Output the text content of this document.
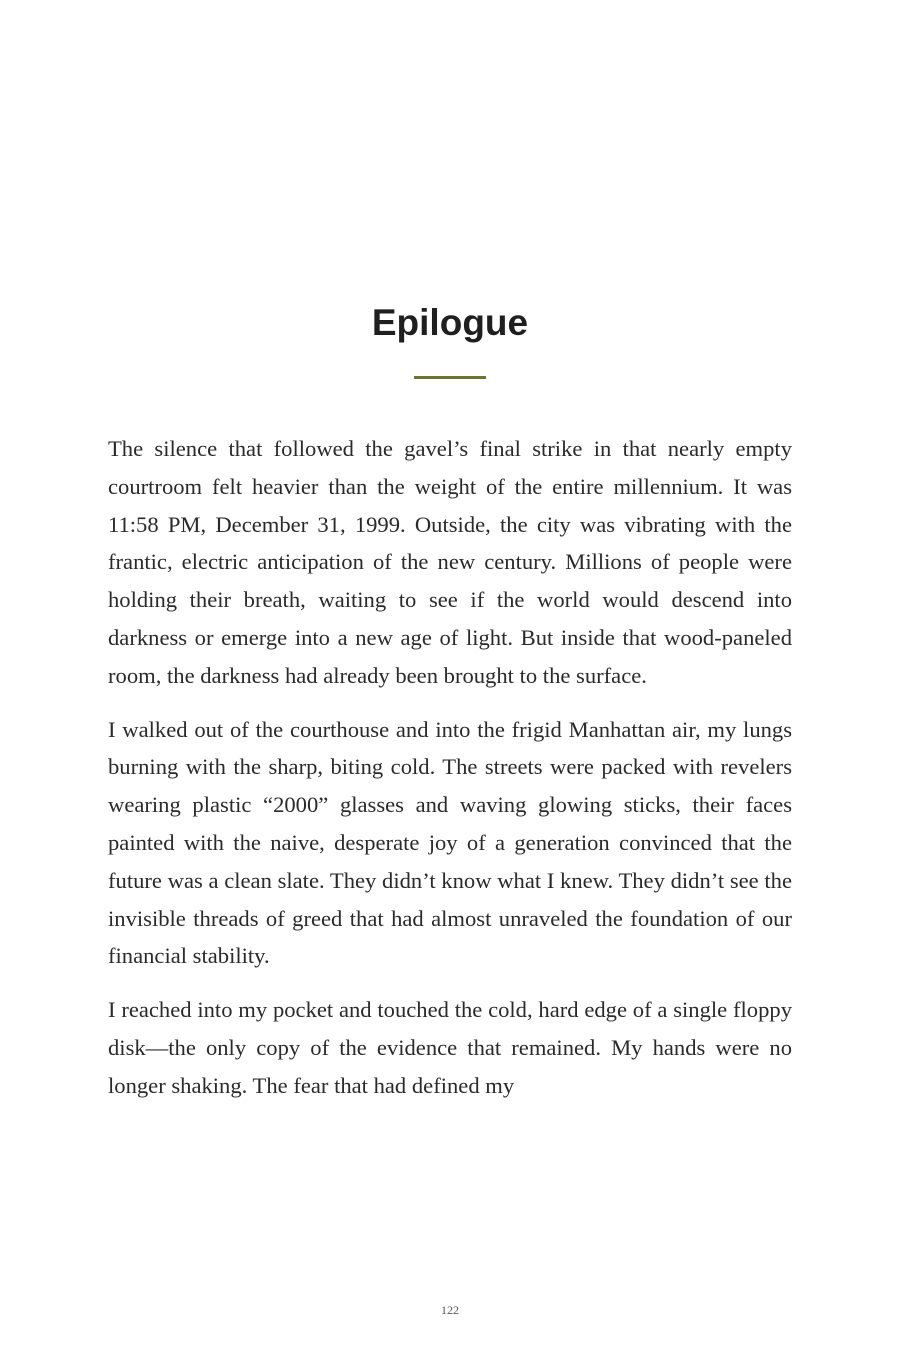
Epilogue

The silence that followed the gavel’s final strike in that nearly empty courtroom felt heavier than the weight of the entire millennium. It was 11:58 PM, December 31, 1999. Outside, the city was vibrating with the frantic, electric anticipation of the new century. Millions of people were holding their breath, waiting to see if the world would descend into darkness or emerge into a new age of light. But inside that wood-paneled room, the darkness had already been brought to the surface.

I walked out of the courthouse and into the frigid Manhattan air, my lungs burning with the sharp, biting cold. The streets were packed with revelers wearing plastic “2000” glasses and waving glowing sticks, their faces painted with the naive, desperate joy of a generation convinced that the future was a clean slate. They didn’t know what I knew. They didn’t see the invisible threads of greed that had almost unraveled the foundation of our financial stability.

I reached into my pocket and touched the cold, hard edge of a single floppy disk—the only copy of the evidence that remained. My hands were no longer shaking. The fear that had defined my

122
